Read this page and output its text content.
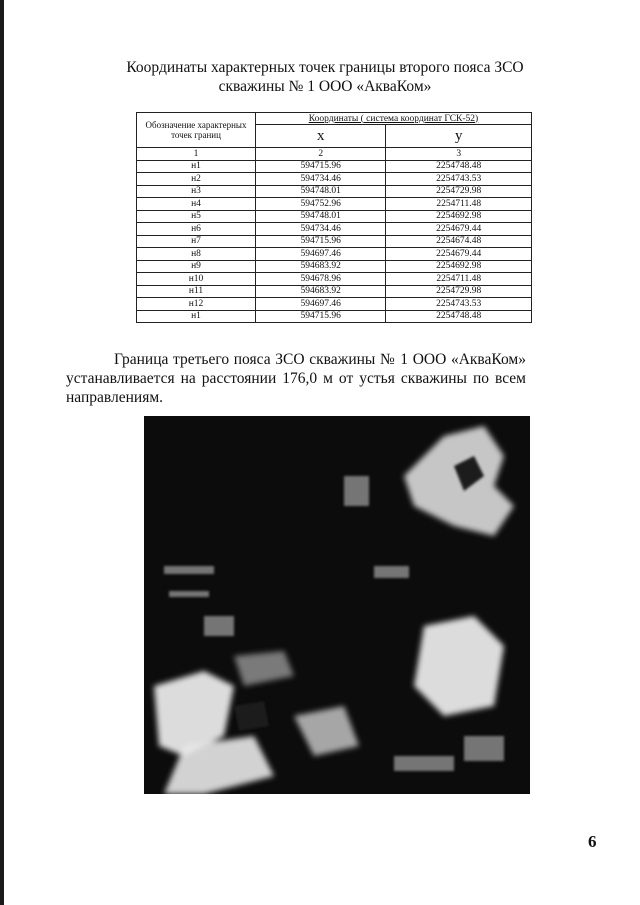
Координаты характерных точек границы второго пояса ЗСО
скважины № 1 ООО «АкваКом»
Обозначение характерных точек границ	Координаты ( система координат ГСК-52)	
	x	y
1	2	3
н1	594715.96	2254748.48
н2	594734.46	2254743.53
н3	594748.01	2254729.98
н4	594752.96	2254711.48
н5	594748.01	2254692.98
н6	594734.46	2254679.44
н7	594715.96	2254674.48
н8	594697.46	2254679.44
н9	594683.92	2254692.98
н10	594678.96	2254711.48
н11	594683.92	2254729.98
н12	594697.46	2254743.53
н1	594715.96	2254748.48
Граница третьего пояса ЗСО скважины № 1 ООО «АкваКом»
устанавливается на расстоянии 176,0 м от устья скважины по всем
направлениям.
6
